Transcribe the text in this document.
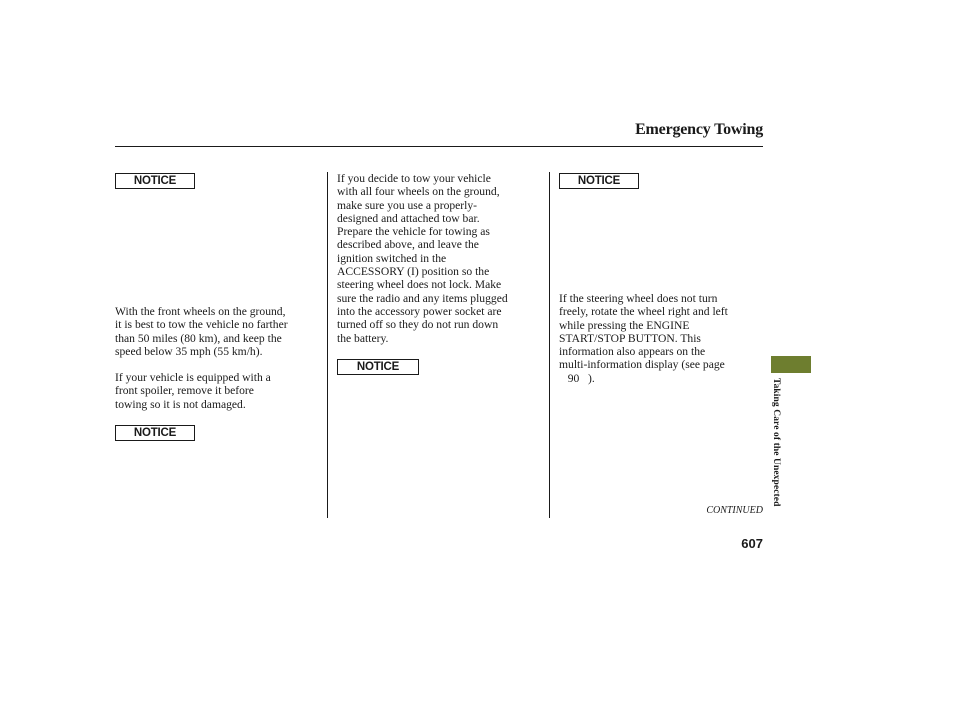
Emergency Towing
NOTICE

With the front wheels on the ground,
it is best to tow the vehicle no farther
than 50 miles (80 km), and keep the
speed below 35 mph (55 km/h).

If your vehicle is equipped with a
front spoiler, remove it before
towing so it is not damaged.

NOTICE

If you decide to tow your vehicle
with all four wheels on the ground,
make sure you use a properly-
designed and attached tow bar.
Prepare the vehicle for towing as
described above, and leave the
ignition switched in the
ACCESSORY (I) position so the
steering wheel does not lock. Make
sure the radio and any items plugged
into the accessory power socket are
turned off so they do not run down
the battery.

NOTICE
NOTICE

If the steering wheel does not turn
freely, rotate the wheel right and left
while pressing the ENGINE
START/STOP BUTTON. This
information also appears on the
multi-information display (see page
90   ).	Taking Care of the Unexpected
CONTINUED
607
